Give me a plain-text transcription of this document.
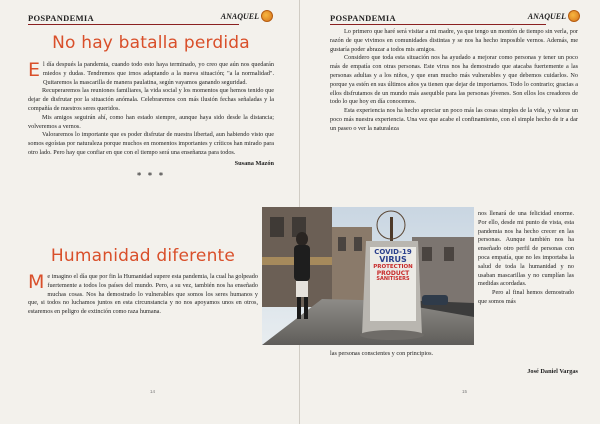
POSPANDEMIA	ANAQUEL
No hay batalla perdida

El día después la pandemia, cuando todo esto haya terminado, yo creo que aún nos quedarán miedos y dudas. Tendremos que irnos adaptando a la nueva situación; "a la normalidad". Quitaremos la mascarilla de manera paulatina, según vayamos ganando seguridad.

Recuperaremos las reuniones familiares, la vida social y los momentos que hemos tenido que dejar de disfrutar por la situación anómala. Celebraremos con más ilusión fechas señaladas y la compañía de nuestros seres queridos.

Mis amigos seguirán ahí, como han estado siempre, aunque haya sido desde la distancia; volveremos a vernos.

Valoraremos lo importante que es poder disfrutar de nuestra libertad, aun habiendo visto que somos egoístas por naturaleza porque muchos en momentos importantes y críticos han mirado para otro lado. Pero hay que confiar en que con el tiempo será una enseñanza para todos.

Susana Mazón
* * *
Humanidad diferente

Me imagino el día que por fin la Humanidad supere esta pandemia, la cual ha golpeado fuertemente a todos los países del mundo. Pero, a su vez, también nos ha enseñado muchas cosas. Nos ha demostrado lo vulnerables que somos los seres humanos y que, si todos no luchamos juntos en esta circunstancia y no nos apoyamos unos en otros, estaremos en peligro de extinción como raza humana.

14
POSPANDEMIA	ANAQUEL

Lo primero que haré será visitar a mi madre, ya que tengo un montón de tiempo sin verla, por razón de que vivimos en comunidades distintas y se nos ha hecho imposible vernos. Además, me gustaría poder abrazar a todos mis amigos.

Considero que toda esta situación nos ha ayudado a mejorar como personas y tener un poco más de empatía con otras personas. Este virus nos ha demostrado que atacaba fuertemente a las personas adultas y a los niños, y que eran mucho más vulnerables y que debemos cuidarlos. No porque ya estén en sus últimos años ya tienen que dejar de importarnos. Todo lo contrario; gracias a ellos disfrutamos de un mundo más asequible para las personas jóvenes. Son ellos los creadores de todo lo que hoy en día conocemos.

Esta experiencia nos ha hecho apreciar un poco más las cosas simples de la vida, y valorar un poco más nuestra experiencia. Una vez que acabe el confinamiento, con el simple hecho de ir a dar un paseo o ver la naturaleza

nos llenará de una felicidad enorme. Por ello, desde mi punto de vista, esta pandemia nos ha hecho crecer en las personas. Aunque también nos ha enseñado otro perfil de personas con poca empatía, que no les importaba la salud de toda la humanidad y no usaban mascarillas y no cumplían las medidas acordadas.

Pero al final hemos demostrado que somos más

las personas conscientes y con principios.

José Daniel Vargas
15
COVID-19
VIRUS
PROTECTION
PRODUCT
SANITISERS
